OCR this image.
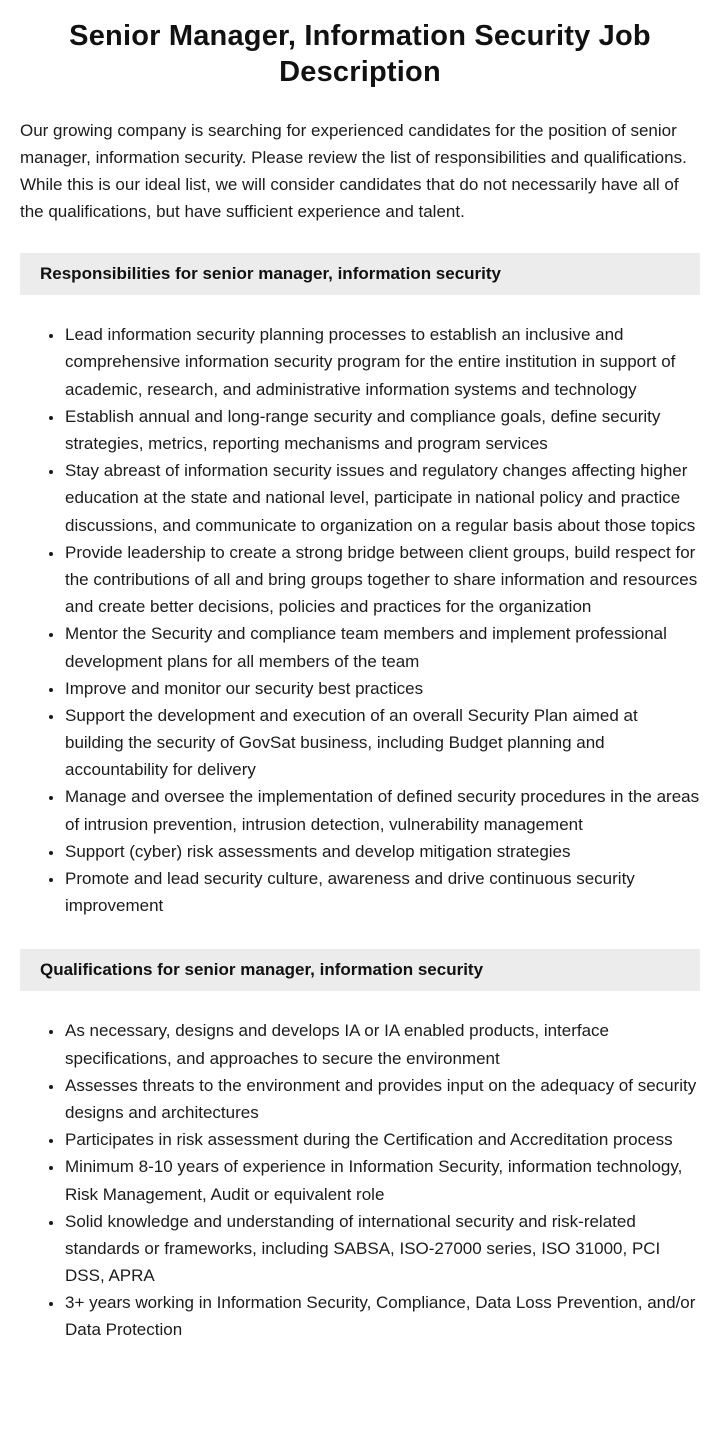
Senior Manager, Information Security Job Description

Our growing company is searching for experienced candidates for the position of senior manager, information security. Please review the list of responsibilities and qualifications. While this is our ideal list, we will consider candidates that do not necessarily have all of the qualifications, but have sufficient experience and talent.

Responsibilities for senior manager, information security
• Lead information security planning processes to establish an inclusive and comprehensive information security program for the entire institution in support of academic, research, and administrative information systems and technology
• Establish annual and long-range security and compliance goals, define security strategies, metrics, reporting mechanisms and program services
• Stay abreast of information security issues and regulatory changes affecting higher education at the state and national level, participate in national policy and practice discussions, and communicate to organization on a regular basis about those topics
• Provide leadership to create a strong bridge between client groups, build respect for the contributions of all and bring groups together to share information and resources and create better decisions, policies and practices for the organization
• Mentor the Security and compliance team members and implement professional development plans for all members of the team
• Improve and monitor our security best practices
• Support the development and execution of an overall Security Plan aimed at building the security of GovSat business, including Budget planning and accountability for delivery
• Manage and oversee the implementation of defined security procedures in the areas of intrusion prevention, intrusion detection, vulnerability management
• Support (cyber) risk assessments and develop mitigation strategies
• Promote and lead security culture, awareness and drive continuous security improvement
Qualifications for senior manager, information security
• As necessary, designs and develops IA or IA enabled products, interface specifications, and approaches to secure the environment
• Assesses threats to the environment and provides input on the adequacy of security designs and architectures
• Participates in risk assessment during the Certification and Accreditation process
• Minimum 8-10 years of experience in Information Security, information technology, Risk Management, Audit or equivalent role
• Solid knowledge and understanding of international security and risk-related standards or frameworks, including SABSA, ISO-27000 series, ISO 31000, PCI DSS, APRA
• 3+ years working in Information Security, Compliance, Data Loss Prevention, and/or Data Protection
